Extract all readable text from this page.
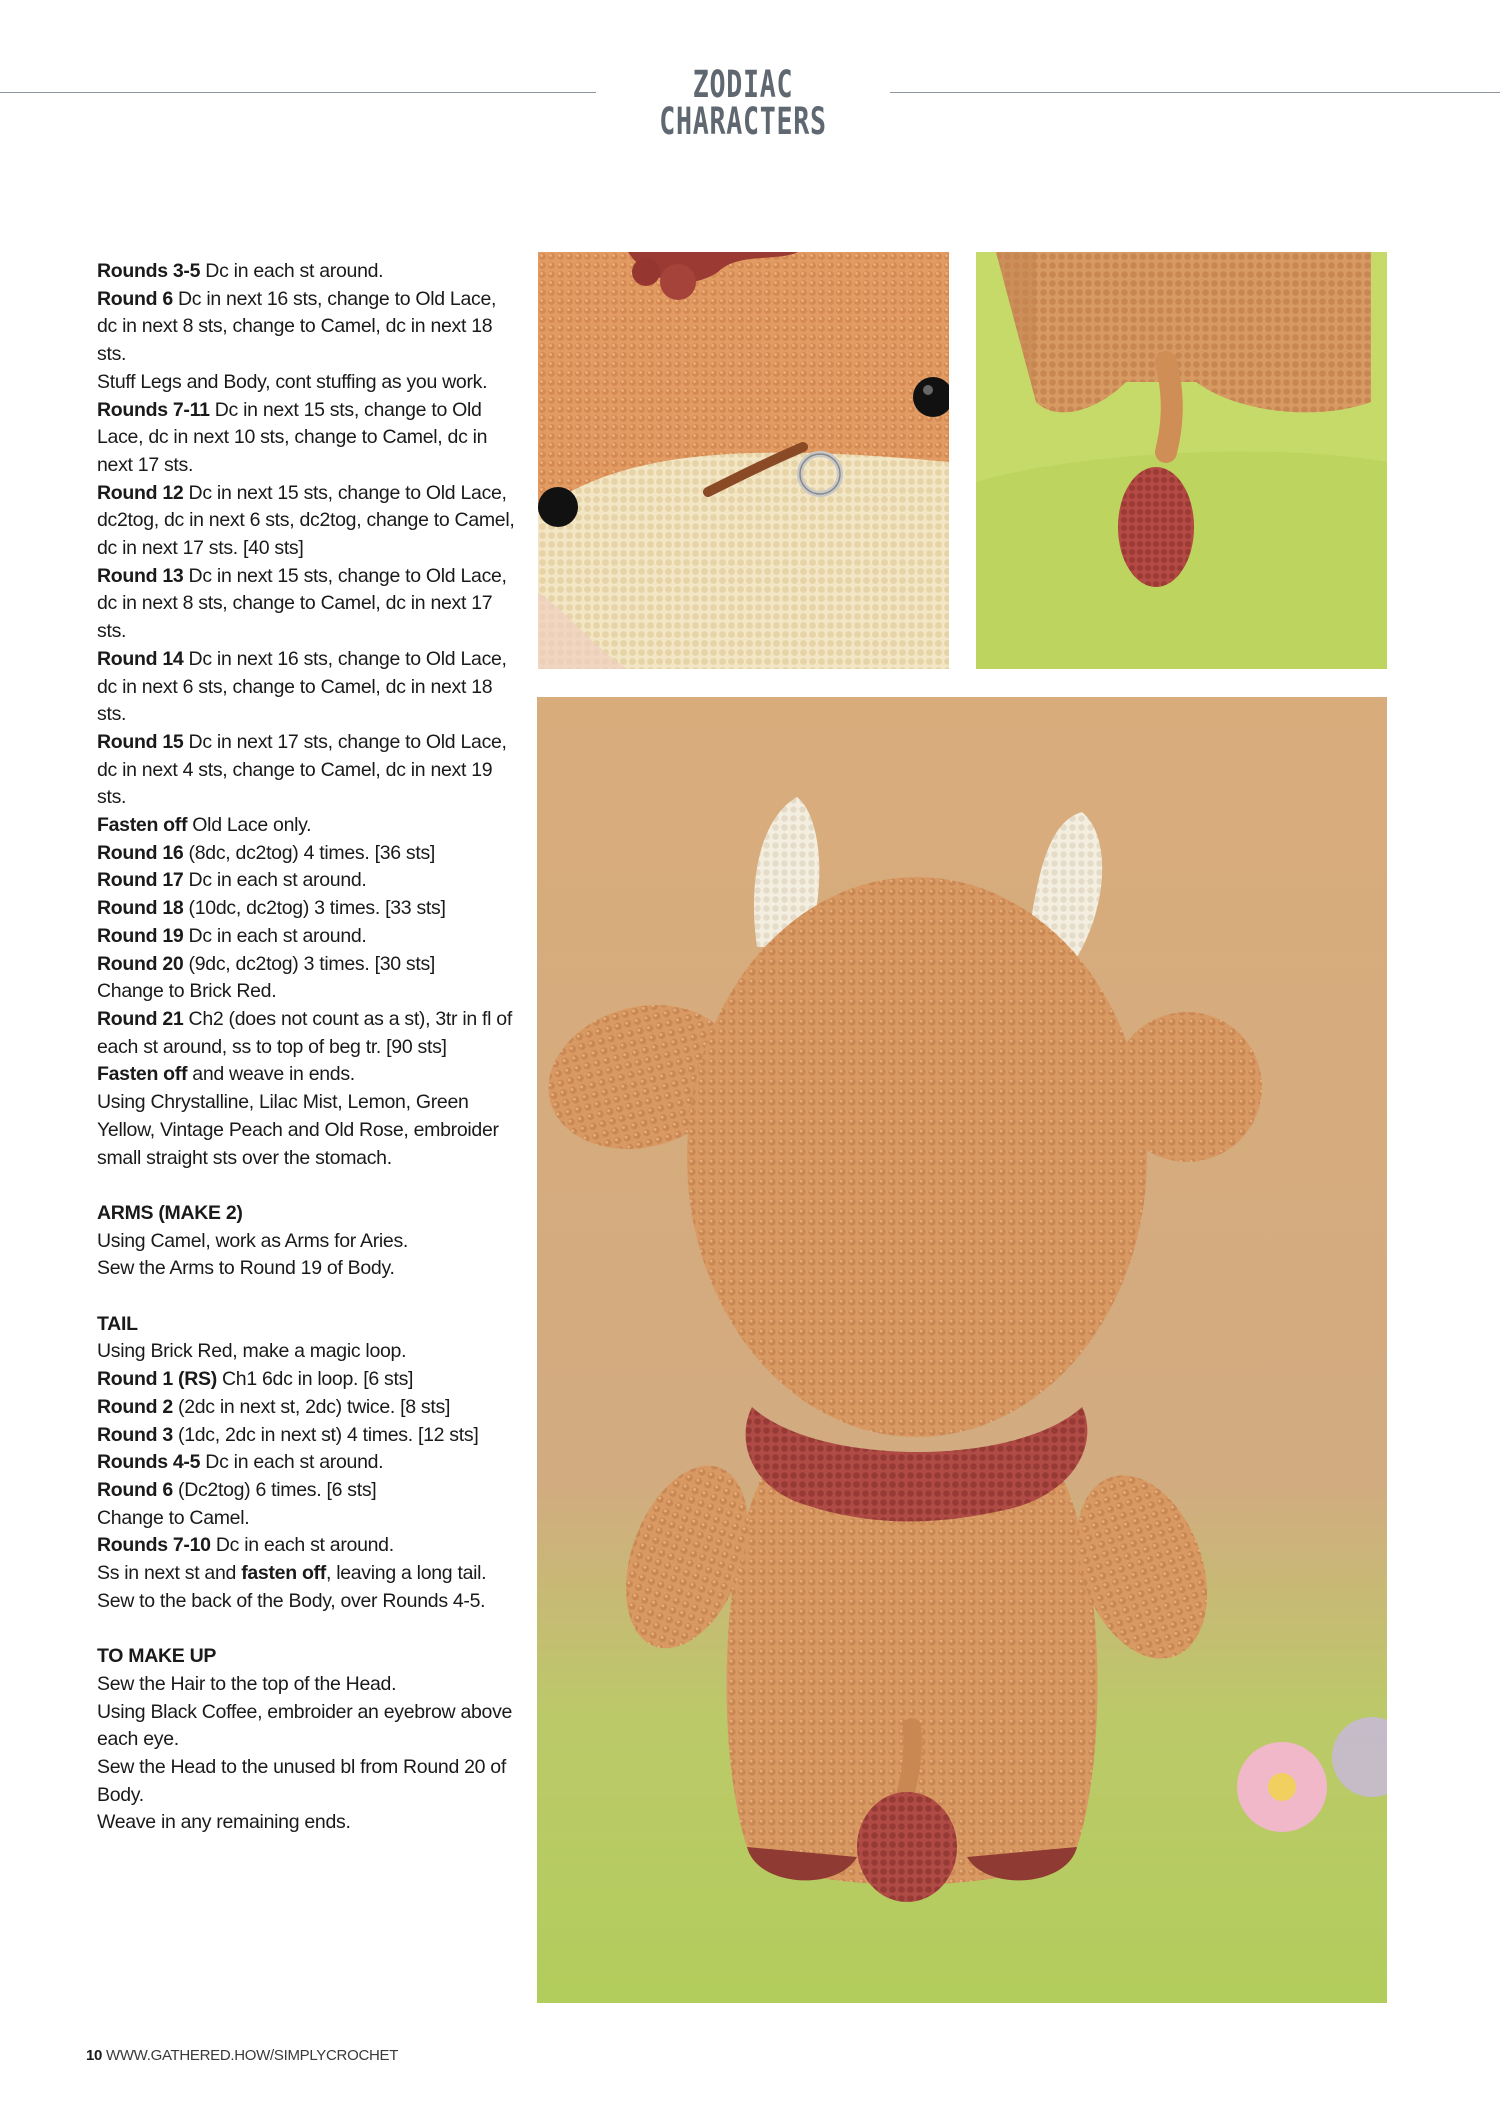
ZODIAC CHARACTERS

Rounds 3-5 Dc in each st around.

Round 6 Dc in next 16 sts, change to Old Lace, dc in next 8 sts, change to Camel, dc in next 18 sts.

Stuff Legs and Body, cont stuffing as you work.

Rounds 7-11 Dc in next 15 sts, change to Old Lace, dc in next 10 sts, change to Camel, dc in next 17 sts.

Round 12 Dc in next 15 sts, change to Old Lace, dc2tog, dc in next 6 sts, dc2tog, change to Camel, dc in next 17 sts. [40 sts]

Round 13 Dc in next 15 sts, change to Old Lace, dc in next 8 sts, change to Camel, dc in next 17 sts.

Round 14 Dc in next 16 sts, change to Old Lace, dc in next 6 sts, change to Camel, dc in next 18 sts.

Round 15 Dc in next 17 sts, change to Old Lace, dc in next 4 sts, change to Camel, dc in next 19 sts.

Fasten off Old Lace only.

Round 16 (8dc, dc2tog) 4 times. [36 sts]

Round 17 Dc in each st around.

Round 18 (10dc, dc2tog) 3 times. [33 sts]

Round 19 Dc in each st around.

Round 20 (9dc, dc2tog) 3 times. [30 sts]

Change to Brick Red.

Round 21 Ch2 (does not count as a st), 3tr in fl of each st around, ss to top of beg tr. [90 sts]

Fasten off and weave in ends.

Using Chrystalline, Lilac Mist, Lemon, Green Yellow, Vintage Peach and Old Rose, embroider small straight sts over the stomach.

ARMS (MAKE 2)

Using Camel, work as Arms for Aries.

Sew the Arms to Round 19 of Body.

TAIL

Using Brick Red, make a magic loop.

Round 1 (RS) Ch1 6dc in loop. [6 sts]

Round 2 (2dc in next st, 2dc) twice. [8 sts]

Round 3 (1dc, 2dc in next st) 4 times. [12 sts]

Rounds 4-5 Dc in each st around.

Round 6 (Dc2tog) 6 times. [6 sts]

Change to Camel.

Rounds 7-10 Dc in each st around.

Ss in next st and fasten off, leaving a long tail.

Sew to the back of the Body, over Rounds 4-5.

TO MAKE UP

Sew the Hair to the top of the Head.

Using Black Coffee, embroider an eyebrow above each eye.

Sew the Head to the unused bl from Round 20 of Body.

Weave in any remaining ends.

10 WWW.GATHERED.HOW/SIMPLYCROCHET
